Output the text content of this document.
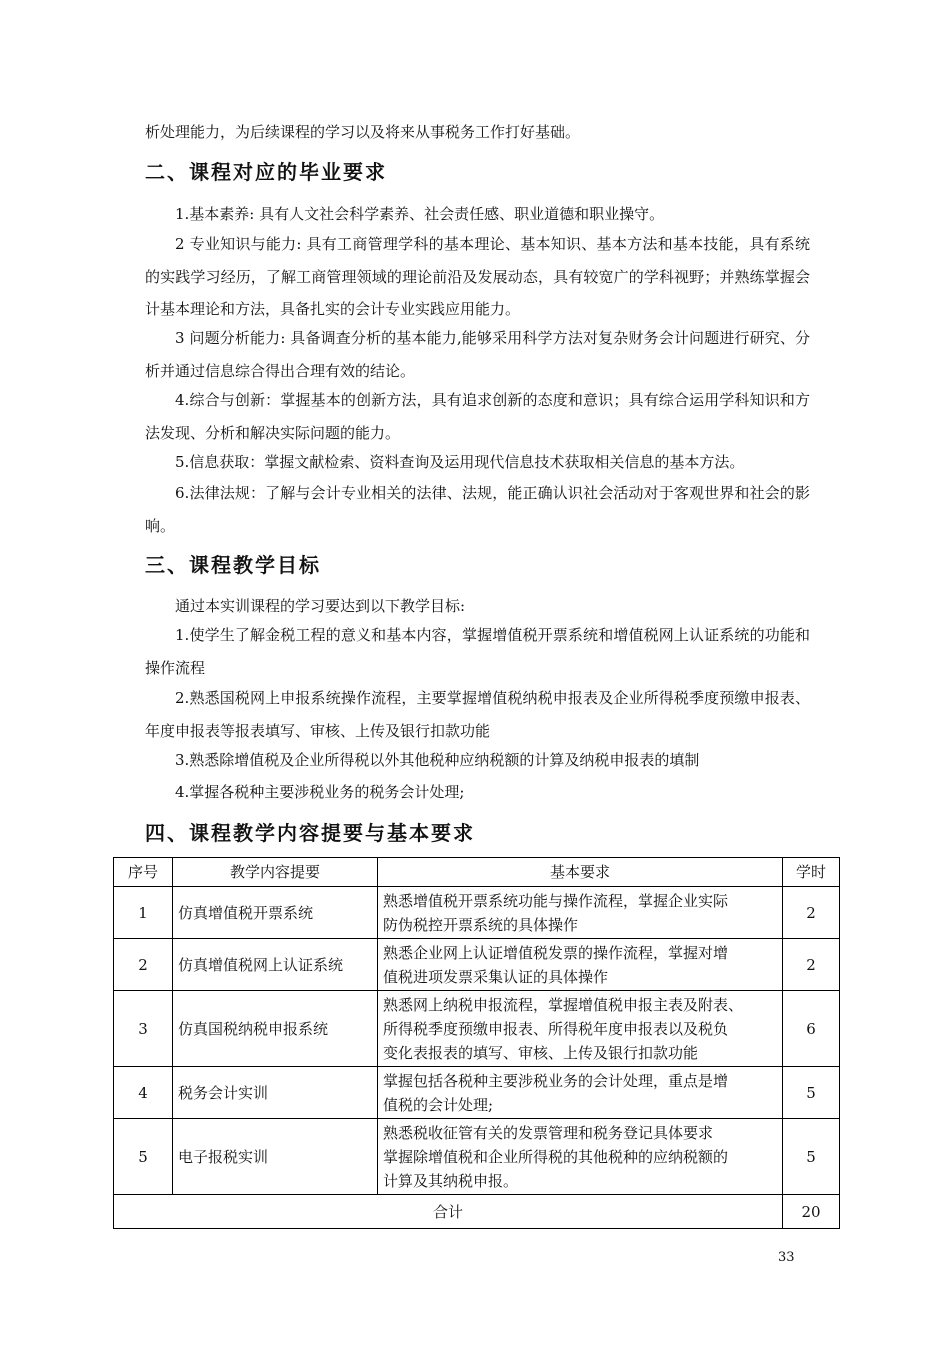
析处理能力，为后续课程的学习以及将来从事税务工作打好基础。

二、课程对应的毕业要求

1.基本素养: 具有人文社会科学素养、社会责任感、职业道德和职业操守。

2 专业知识与能力: 具有工商管理学科的基本理论、基本知识、基本方法和基本技能，具有系统的实践学习经历，了解工商管理领域的理论前沿及发展动态，具有较宽广的学科视野；并熟练掌握会计基本理论和方法，具备扎实的会计专业实践应用能力。

3 问题分析能力: 具备调查分析的基本能力,能够采用科学方法对复杂财务会计问题进行研究、分析并通过信息综合得出合理有效的结论。

4.综合与创新：掌握基本的创新方法，具有追求创新的态度和意识；具有综合运用学科知识和方法发现、分析和解决实际问题的能力。

5.信息获取：掌握文献检索、资料查询及运用现代信息技术获取相关信息的基本方法。

6.法律法规：了解与会计专业相关的法律、法规，能正确认识社会活动对于客观世界和社会的影响。

三、课程教学目标

通过本实训课程的学习要达到以下教学目标:

1.使学生了解金税工程的意义和基本内容，掌握增值税开票系统和增值税网上认证系统的功能和操作流程

2.熟悉国税网上申报系统操作流程，主要掌握增值税纳税申报表及企业所得税季度预缴申报表、年度申报表等报表填写、审核、上传及银行扣款功能

3.熟悉除增值税及企业所得税以外其他税种应纳税额的计算及纳税申报表的填制

4.掌握各税种主要涉税业务的税务会计处理;

四、课程教学内容提要与基本要求
序号	教学内容提要	基本要求	学时
1	仿真增值税开票系统	熟悉增值税开票系统功能与操作流程，掌握企业实际
防伪税控开票系统的具体操作	2
2	仿真增值税网上认证系统	熟悉企业网上认证增值税发票的操作流程，掌握对增
值税进项发票采集认证的具体操作	2
3	仿真国税纳税申报系统	熟悉网上纳税申报流程，掌握增值税申报主表及附表、
所得税季度预缴申报表、所得税年度申报表以及税负
变化表报表的填写、审核、上传及银行扣款功能	6
4	税务会计实训	掌握包括各税种主要涉税业务的会计处理，重点是增
值税的会计处理;	5
5	电子报税实训	熟悉税收征管有关的发票管理和税务登记具体要求
掌握除增值税和企业所得税的其他税种的应纳税额的
计算及其纳税申报。	5
合计			20
33
